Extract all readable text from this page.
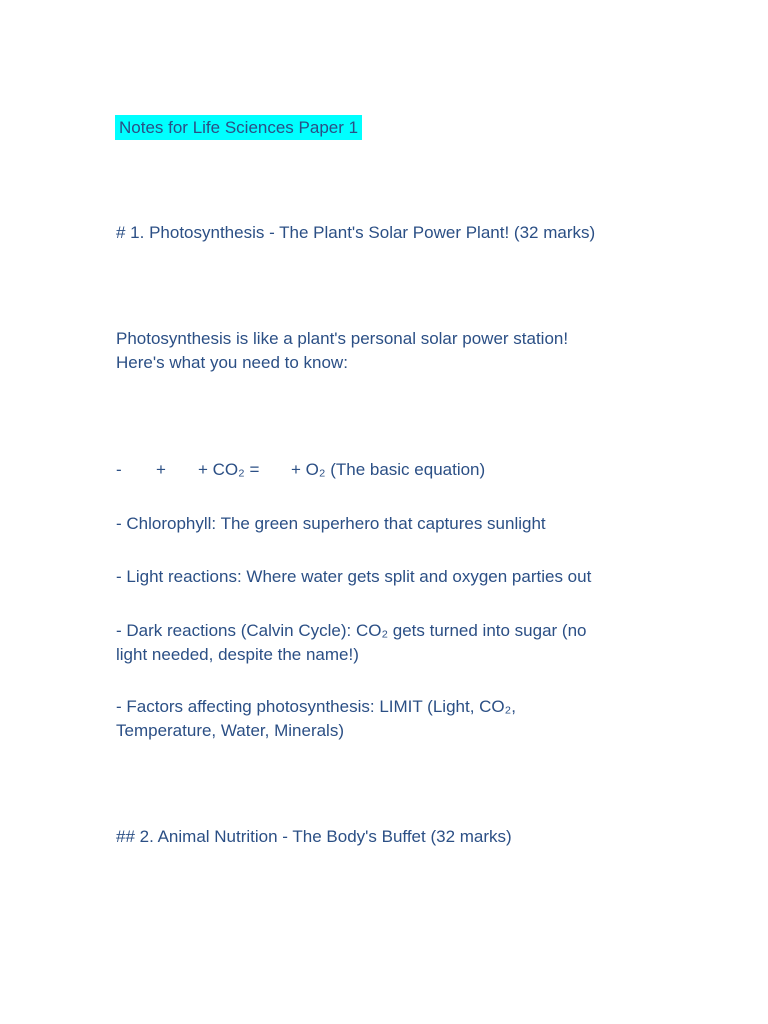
Notes for Life Sciences Paper 1
# 1. Photosynthesis - The Plant's Solar Power Plant! (32 marks)
Photosynthesis is like a plant's personal solar power station!
Here's what you need to know:
- + + CO₂ = + O₂ (The basic equation)
- Chlorophyll: The green superhero that captures sunlight
- Light reactions: Where water gets split and oxygen parties out
- Dark reactions (Calvin Cycle): CO₂ gets turned into sugar (no
light needed, despite the name!)
- Factors affecting photosynthesis: LIMIT (Light, CO₂,
Temperature, Water, Minerals)
## 2. Animal Nutrition - The Body's Buffet (32 marks)
